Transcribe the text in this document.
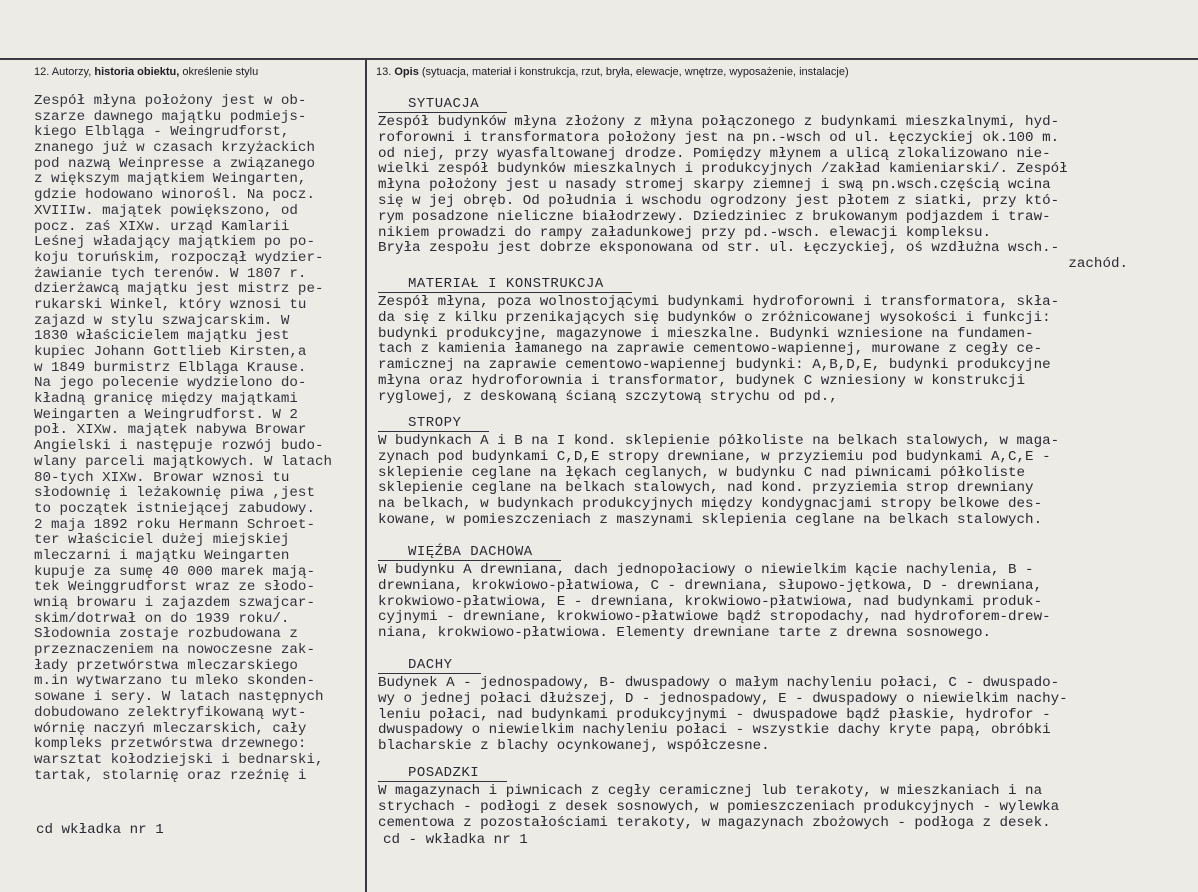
12. Autorzy, historia obiektu, określenie stylu	13. Opis (sytuacja, materiał i konstrukcja, rzut, bryła, elewacje, wnętrze, wyposażenie, instalacje)
Zespół młyna położony jest w ob-
szarze dawnego majątku podmiejs-
kiego Elbląga - Weingrudforst,
znanego już w czasach krzyżackich
pod nazwą Weinpresse a związanego
z większym majątkiem Weingarten,
gdzie hodowano winorośl. Na pocz.
XVIIIw. majątek powiększono, od
pocz. zaś XIXw. urząd Kamlarii
Leśnej władający majątkiem po po-
koju toruńskim, rozpoczął wydzier-
żawianie tych terenów. W 1807 r.
dzierżawcą majątku jest mistrz pe-
rukarski Winkel, który wznosi tu
zajazd w stylu szwajcarskim. W
1830 właścicielem majątku jest
kupiec Johann Gottlieb Kirsten,a
w 1849 burmistrz Elbląga Krause.
Na jego polecenie wydzielono do-
kładną granicę między majątkami
Weingarten a Weingrudforst. W 2
poł. XIXw. majątek nabywa Browar
Angielski i następuje rozwój budo-
wlany parceli majątkowych. W latach
80-tych XIXw. Browar wznosi tu
słodownię i leżakownię piwa ,jest
to początek istniejącej zabudowy.
2 maja 1892 roku Hermann Schroet-
ter właściciel dużej miejskiej
mleczarni i majątku Weingarten
kupuje za sumę 40 000 marek mają-
tek Weinggrudforst wraz ze słodo-
wnią browaru i zajazdem szwajcar-
skim/dotrwał on do 1939 roku/.
Słodownia zostaje rozbudowana z
przeznaczeniem na nowoczesne zak-
łady przetwórstwa mleczarskiego
m.in wytwarzano tu mleko skonden-
sowane i sery. W latach następnych
dobudowano zelektryfikowaną wyt-
wórnię naczyń mleczarskich, cały
kompleks przetwórstwa drzewnego:
warsztat kołodziejski i bednarski,
tartak, stolarnię oraz rzeźnię i
cd wkładka nr 1
SYTUACJA
Zespół budynków młyna złożony z młyna połączonego z budynkami mieszkalnymi, hyd-
roforowni i transformatora położony jest na pn.-wsch od ul. Łęczyckiej ok.100 m.
od niej, przy wyasfaltowanej drodze. Pomiędzy młynem a ulicą zlokalizowano nie-
wielki zespół budynków mieszkalnych i produkcyjnych /zakład kamieniarski/. Zespół
młyna położony jest u nasady stromej skarpy ziemnej i swą pn.wsch.częścią wcina
się w jej obręb. Od południa i wschodu ogrodzony jest płotem z siatki, przy któ-
rym posadzone nieliczne białodrzewy. Dziedziniec z brukowanym podjazdem i traw-
nikiem prowadzi do rampy załadunkowej przy pd.-wsch. elewacji kompleksu.
Bryła zespołu jest dobrze eksponowana od str. ul. Łęczyckiej, oś wzdłużna wsch.-
zachód.
MATERIAŁ I KONSTRUKCJA
Zespół młyna, poza wolnostojącymi budynkami hydroforowni i transformatora, skła-
da się z kilku przenikających się budynków o zróżnicowanej wysokości i funkcji:
budynki produkcyjne, magazynowe i mieszkalne. Budynki wzniesione na fundamen-
tach z kamienia łamanego na zaprawie cementowo-wapiennej, murowane z cegły ce-
ramicznej na zaprawie cementowo-wapiennej budynki: A,B,D,E, budynki produkcyjne
młyna oraz hydroforownia i transformator, budynek C wzniesiony w konstrukcji
ryglowej, z deskowaną ścianą szczytową strychu od pd.,
STROPY
W budynkach A i B na I kond. sklepienie półkoliste na belkach stalowych, w maga-
zynach pod budynkami C,D,E stropy drewniane, w przyziemiu pod budynkami A,C,E -
sklepienie ceglane na łękach ceglanych, w budynku C nad piwnicami półkoliste
sklepienie ceglane na belkach stalowych, nad kond. przyziemia strop drewniany
na belkach, w budynkach produkcyjnych między kondygnacjami stropy belkowe des-
kowane, w pomieszczeniach z maszynami sklepienia ceglane na belkach stalowych.
WIĘŹBA DACHOWA
W budynku A drewniana, dach jednopołaciowy o niewielkim kącie nachylenia, B -
drewniana, krokwiowo-płatwiowa, C - drewniana, słupowo-jętkowa, D - drewniana,
krokwiowo-płatwiowa, E - drewniana, krokwiowo-płatwiowa, nad budynkami produk-
cyjnymi - drewniane, krokwiowo-płatwiowe bądź stropodachy, nad hydroforem-drew-
niana, krokwiowo-płatwiowa. Elementy drewniane tarte z drewna sosnowego.
DACHY
Budynek A - jednospadowy, B- dwuspadowy o małym nachyleniu połaci, C - dwuspado-
wy o jednej połaci dłuższej, D - jednospadowy, E - dwuspadowy o niewielkim nachy-
leniu połaci, nad budynkami produkcyjnymi - dwuspadowe bądź płaskie, hydrofor -
dwuspadowy o niewielkim nachyleniu połaci - wszystkie dachy kryte papą, obróbki
blacharskie z blachy ocynkowanej, współczesne.
POSADZKI
W magazynach i piwnicach z cegły ceramicznej lub terakoty, w mieszkaniach i na
strychach - podłogi z desek sosnowych, w pomieszczeniach produkcyjnych - wylewka
cementowa z pozostałościami terakoty, w magazynach zbożowych - podłoga z desek.
cd - wkładka nr 1
